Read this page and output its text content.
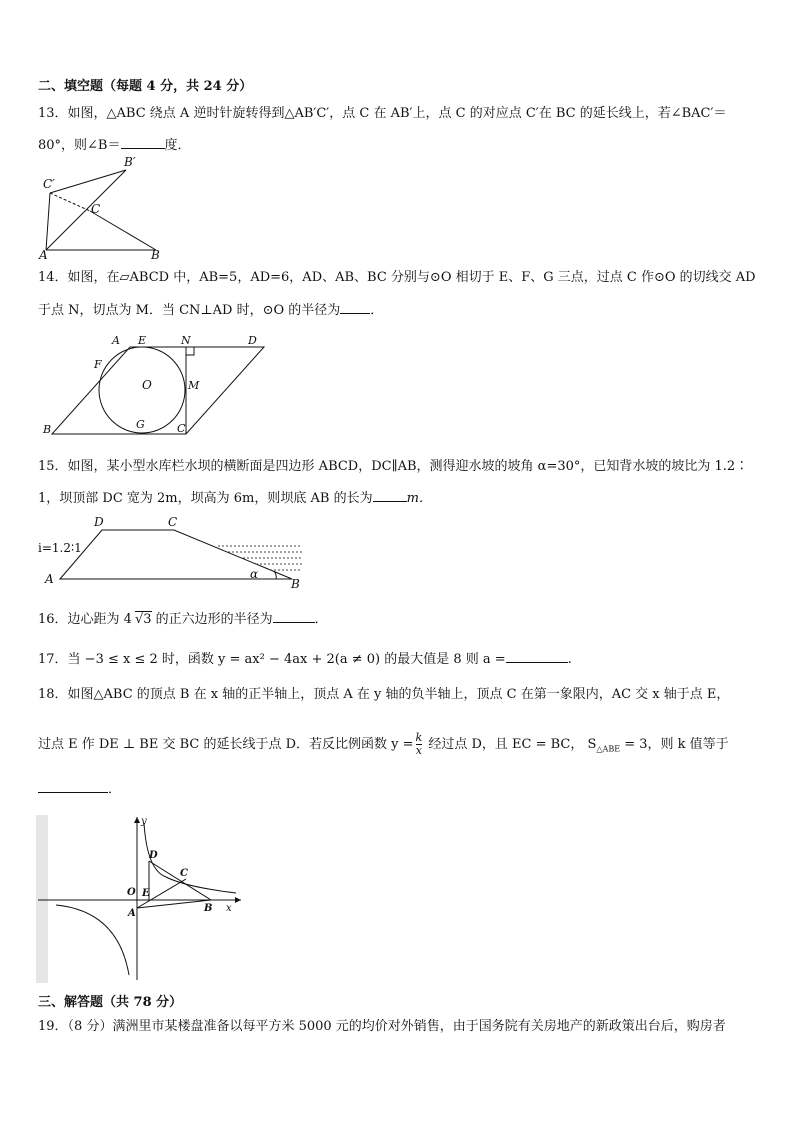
二、填空题（每题 4 分，共 24 分）
13．如图，△ABC 绕点 A 逆时针旋转得到△AB′C′，点 C 在 AB′上，点 C 的对应点 C′在 BC 的延长线上，若∠BAC′＝
80°，则∠B＝	度．
B′
C′
C
A	B
14．如图，在▱ABCD 中，AB=5，AD=6，AD、AB、BC 分别与⊙O 相切于 E、F、G 三点，过点 C 作⊙O 的切线交 AD
于点 N，切点为 M．当 CN⊥AD 时，⊙O 的半径为 ．
A E	N	D
F
O	M
B	G	C
15．如图，某小型水库栏水坝的横断面是四边形 ABCD，DC∥AB，测得迎水坡的坡角 α=30°，已知背水坡的坡比为 1.2∶
1，坝顶部 DC 宽为 2m，坝高为 6m，则坝底 AB 的长为	m．
D	C
i=1.2∶1
A	α
B
16．边心距为 4 √3 的正六边形的半径为	．
17．当 −3 ≤ x ≤ 2 时，函数 y = ax² − 4ax + 2(a ≠ 0) 的最大值是 8 则 a =	.
18．如图△ABC 的顶点 B 在 x 轴的正半轴上，顶点 A 在 y 轴的负半轴上，顶点 C 在第一象限内，AC 交 x 轴于点 E，
过点 E 作 DE ⊥ BE 交 BC 的延长线于点 D．若反比例函数 $y = \frac{k}{x}$ 经过点 D，且 EC = BC， $S_{\triangle ABE} = 3$，则 k 值等于
．
y
x
O
D
C
E
A	B
三、解答题（共 78 分）
19．（8 分）满洲里市某楼盘准备以每平方米 5000 元的均价对外销售，由于国务院有关房地产的新政策出台后，购房者
